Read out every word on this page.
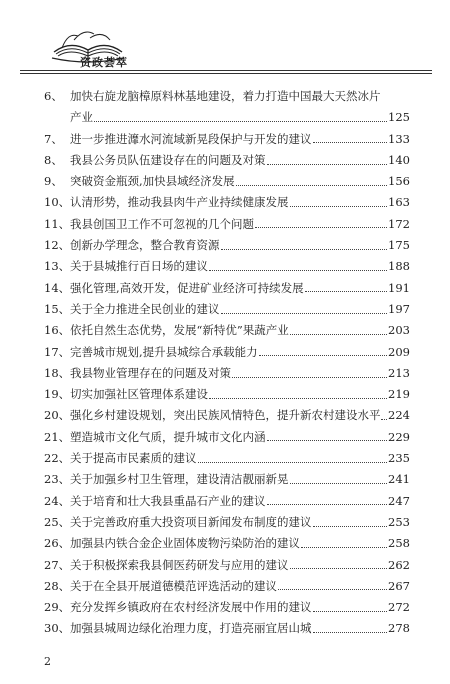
资政荟萃
6、 加快右旋龙脑樟原料林基地建设，着力打造中国最大天然冰片
产业	125
7、 进一步推进灖水河流域新晃段保护与开发的建议	133
8、 我县公务员队伍建设存在的问题及对策	140
9、 突破资金瓶颈,加快县域经济发展	156
10、 认清形势，推动我县肉牛产业持续健康发展	163
11、 我县创国卫工作不可忽视的几个问题	172
12、 创新办学理念，整合教育资源	175
13、 关于县城推行百日场的建议	188
14、 强化管理,高效开发，促进矿业经济可持续发展	191
15、 关于全力推进全民创业的建议	197
16、 依托自然生态优势，发展“新特优”果蔬产业	203
17、 完善城市规划,提升县城综合承载能力	209
18、 我县物业管理存在的问题及对策	213
19、 切实加强社区管理体系建设	219
20、 强化乡村建设规划，突出民族风情特色，提升新农村建设水平 224
21、 塑造城市文化气质，提升城市文化内涵	229
22、 关于提高市民素质的建议	235
23、 关于加强乡村卫生管理，建设清洁靓丽新晃	241
24、 关于培育和壮大我县重晶石产业的建议	247
25、 关于完善政府重大投资项目新闻发布制度的建议	253
26、 加强县内铁合金企业固体废物污染防治的建议	258
27、 关于积极探索我县侗医药研发与应用的建议	262
28、 关于在全县开展道德模范评选活动的建议	267
29、 充分发挥乡镇政府在农村经济发展中作用的建议	272
30、 加强县城周边绿化治理力度，打造亮丽宜居山城	278
2
